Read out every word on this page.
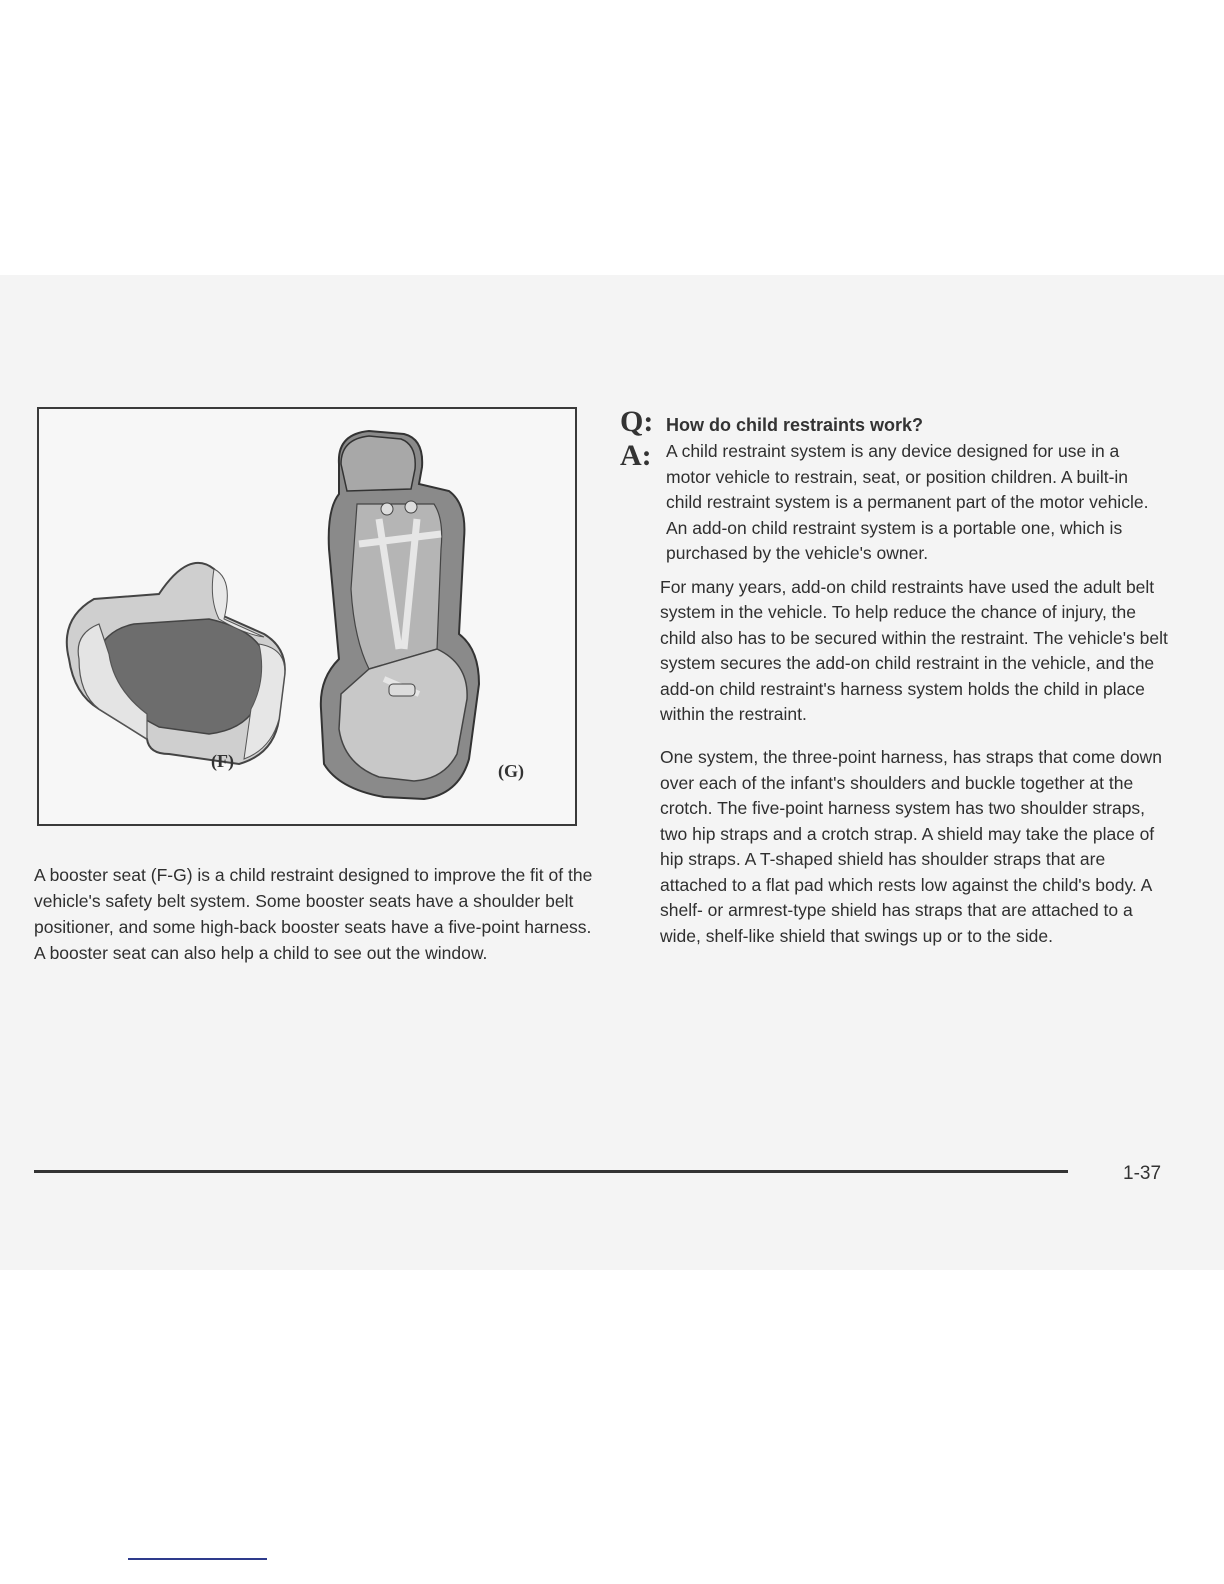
(F)	(G)

A booster seat (F-G) is a child restraint designed to improve the fit of the vehicle's safety belt system. Some booster seats have a shoulder belt positioner, and some high-back booster seats have a five-point harness. A booster seat can also help a child to see out the window.

Q: How do child restraints work?
A: A child restraint system is any device designed for use in a motor vehicle to restrain, seat, or position children. A built-in child restraint system is a permanent part of the motor vehicle. An add-on child restraint system is a portable one, which is purchased by the vehicle's owner.

For many years, add-on child restraints have used the adult belt system in the vehicle. To help reduce the chance of injury, the child also has to be secured within the restraint. The vehicle's belt system secures the add-on child restraint in the vehicle, and the add-on child restraint's harness system holds the child in place within the restraint.

One system, the three-point harness, has straps that come down over each of the infant's shoulders and buckle together at the crotch. The five-point harness system has two shoulder straps, two hip straps and a crotch strap. A shield may take the place of hip straps. A T-shaped shield has shoulder straps that are attached to a flat pad which rests low against the child's body. A shelf- or armrest-type shield has straps that are attached to a wide, shelf-like shield that swings up or to the side.

1-37
